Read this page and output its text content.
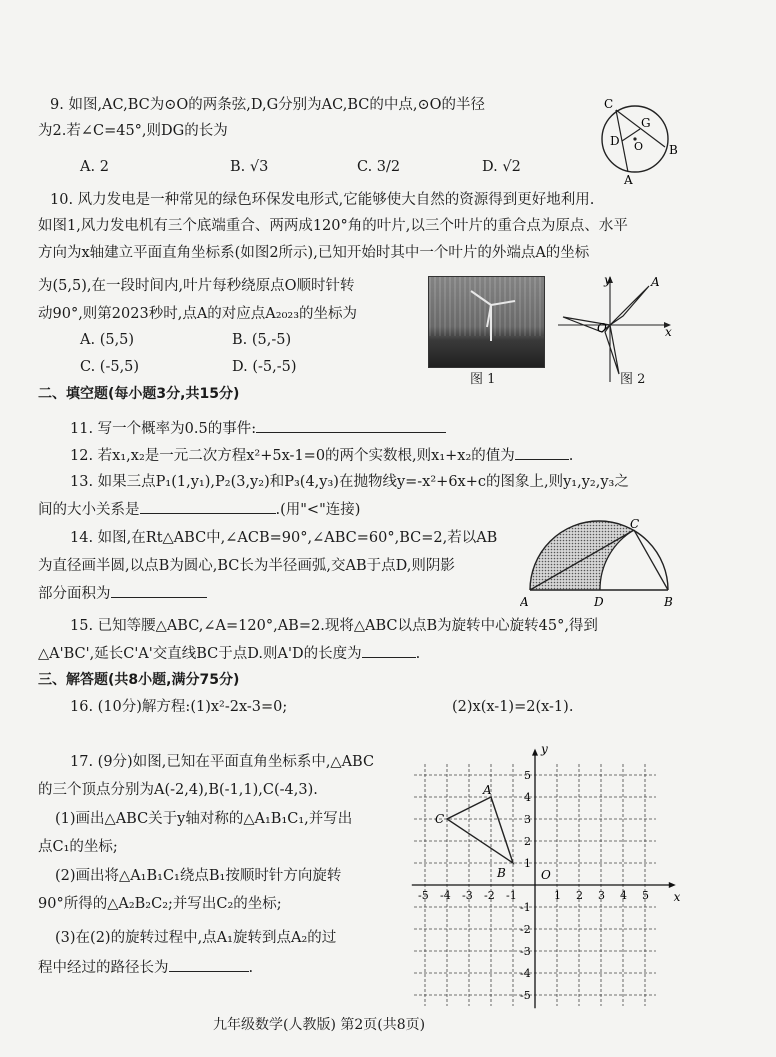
9. 如图,AC,BC为⊙O的两条弦,D,G分别为AC,BC的中点,⊙O的半径
为2.若∠C=45°,则DG的长为
A. 2	B. √3	C. 3/2	D. √2
C
G
D O B
A
10. 风力发电是一种常见的绿色环保发电形式,它能够使大自然的资源得到更好地利用.
如图1,风力发电机有三个底端重合、两两成120°角的叶片,以三个叶片的重合点为原点、水平
方向为x轴建立平面直角坐标系(如图2所示),已知开始时其中一个叶片的外端点A的坐标
为(5,5),在一段时间内,叶片每秒绕原点O顺时针转
动90°,则第2023秒时,点A的对应点A₂₀₂₃的坐标为
A. (5,5)	B. (5,-5)
C. (-5,5)	D. (-5,-5)
图 1
y	A
O	x
图 2
二、填空题(每小题3分,共15分)
11. 写一个概率为0.5的事件:
12. 若x₁,x₂是一元二次方程x²+5x-1=0的两个实数根,则x₁+x₂的值为	.
13. 如果三点P₁(1,y₁),P₂(3,y₂)和P₃(4,y₃)在抛物线y=-x²+6x+c的图象上,则y₁,y₂,y₃之
间的大小关系是	.(用"<"连接)
14. 如图,在Rt△ABC中,∠ACB=90°,∠ABC=60°,BC=2,若以AB
为直径画半圆,以点B为圆心,BC长为半径画弧,交AB于点D,则阴影
部分面积为
C
A	D	B
15. 已知等腰△ABC,∠A=120°,AB=2.现将△ABC以点B为旋转中心旋转45°,得到
△A'BC',延长C'A'交直线BC于点D.则A'D的长度为	.
三、解答题(共8小题,满分75分)
16. (10分)解方程:(1)x²-2x-3=0;	(2)x(x-1)=2(x-1).
17. (9分)如图,已知在平面直角坐标系中,△ABC
的三个顶点分别为A(-2,4),B(-1,1),C(-4,3).
(1)画出△ABC关于y轴对称的△A₁B₁C₁,并写出
点C₁的坐标;
(2)画出将△A₁B₁C₁绕点B₁按顺时针方向旋转
90°所得的△A₂B₂C₂;并写出C₂的坐标;
(3)在(2)的旋转过程中,点A₁旋转到点A₂的过
程中经过的路径长为	.
-5 -4 -3 -2 -1	1 2 3 4 5
5
4
3
2
1
-1
-2
-3
-4
-5
A
B
C
O
x
y
九年级数学(人教版) 第2页(共8页)
